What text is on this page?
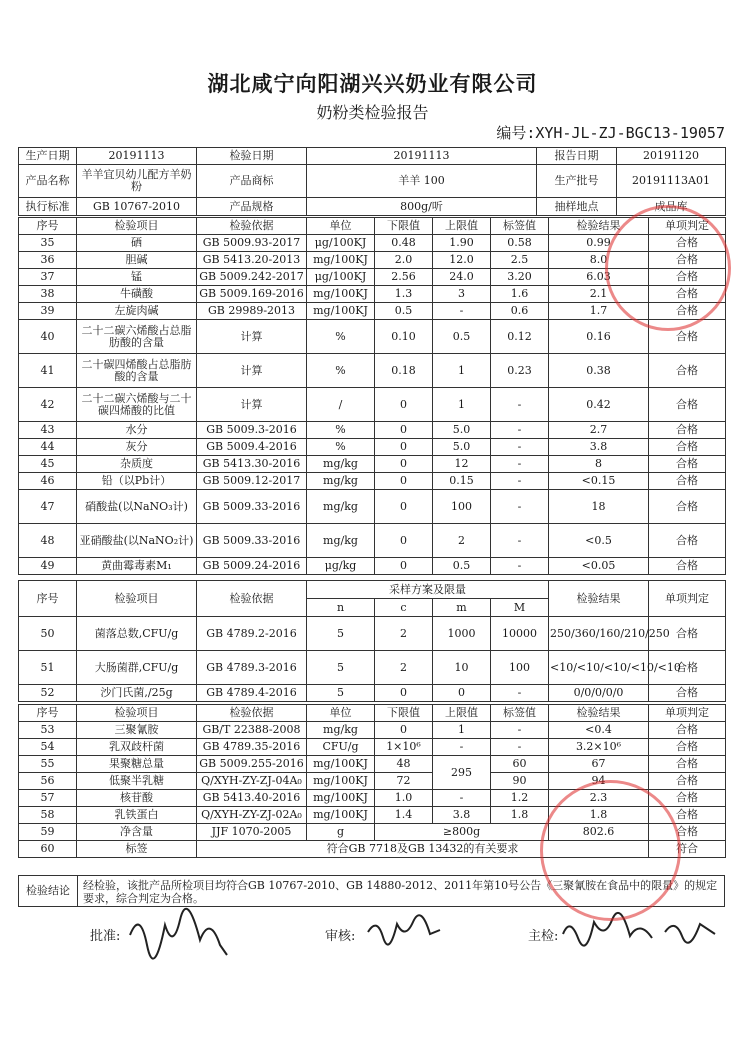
湖北咸宁向阳湖兴兴奶业有限公司
奶粉类检验报告
编号:XYH-JL-ZJ-BGC13-19057
生产日期	20191113	检验日期	20191113	报告日期	20191120
产品名称	羊羊宜贝幼儿配方羊奶粉	产品商标	羊羊 100	生产批号	20191113A01
执行标准	GB 10767-2010	产品规格	800g/听	抽样地点	成品库
序号	检验项目	检验依据	单位	下限值	上限值	标签值	检验结果	单项判定
35	硒	GB 5009.93-2017	μg/100KJ	0.48	1.90	0.58	0.99	合格
36	胆碱	GB 5413.20-2013	mg/100KJ	2.0	12.0	2.5	8.0	合格
37	锰	GB 5009.242-2017	μg/100KJ	2.56	24.0	3.20	6.03	合格
38	牛磺酸	GB 5009.169-2016	mg/100KJ	1.3	3	1.6	2.1	合格
39	左旋肉碱	GB 29989-2013	mg/100KJ	0.5	-	0.6	1.7	合格
40	二十二碳六烯酸占总脂肪酸的含量	计算	%	0.10	0.5	0.12	0.16	合格
41	二十碳四烯酸占总脂肪酸的含量	计算	%	0.18	1	0.23	0.38	合格
42	二十二碳六烯酸与二十碳四烯酸的比值	计算	/	0	1	-	0.42	合格
43	水分	GB 5009.3-2016	%	0	5.0	-	2.7	合格
44	灰分	GB 5009.4-2016	%	0	5.0	-	3.8	合格
45	杂质度	GB 5413.30-2016	mg/kg	0	12	-	8	合格
46	铅（以Pb计）	GB 5009.12-2017	mg/kg	0	0.15	-	<0.15	合格
47	硝酸盐(以NaNO₃计)	GB 5009.33-2016	mg/kg	0	100	-	18	合格
48	亚硝酸盐(以NaNO₂计)	GB 5009.33-2016	mg/kg	0	2	-	<0.5	合格
49	黄曲霉毒素M₁	GB 5009.24-2016	μg/kg	0	0.5	-	<0.05	合格
序号	检验项目	检验依据	采样方案及限量				检验结果	单项判定
			n	c	m	M		
50	菌落总数,CFU/g	GB 4789.2-2016	5	2	1000	10000	250/360/160/210/250	合格
51	大肠菌群,CFU/g	GB 4789.3-2016	5	2	10	100	<10/<10/<10/<10/<10	合格
52	沙门氏菌,/25g	GB 4789.4-2016	5	0	0	-	0/0/0/0/0	合格
序号	检验项目	检验依据	单位	下限值	上限值	标签值	检验结果	单项判定
53	三聚氰胺	GB/T 22388-2008	mg/kg	0	1	-	<0.4	合格
54	乳双歧杆菌	GB 4789.35-2016	CFU/g	1×10⁶	-	-	3.2×10⁶	合格
55	果聚糖总量	GB 5009.255-2016	mg/100KJ	48	295	60	67	合格
56	低聚半乳糖	Q/XYH-ZY-ZJ-04A₀	mg/100KJ	72		90	94	合格
57	核苷酸	GB 5413.40-2016	mg/100KJ	1.0	-	1.2	2.3	合格
58	乳铁蛋白	Q/XYH-ZY-ZJ-02A₀	mg/100KJ	1.4	3.8	1.8	1.8	合格
59	净含量	JJF 1070-2005	g	≥800g			802.6	合格
60	标签	符合GB 7718及GB 13432的有关要求						符合
检验结论	经检验，该批产品所检项目均符合GB 10767-2010、GB 14880-2012、2011年第10号公告《三聚氰胺在食品中的限量》的规定要求，综合判定为合格。
批准:	审核:	主检:
